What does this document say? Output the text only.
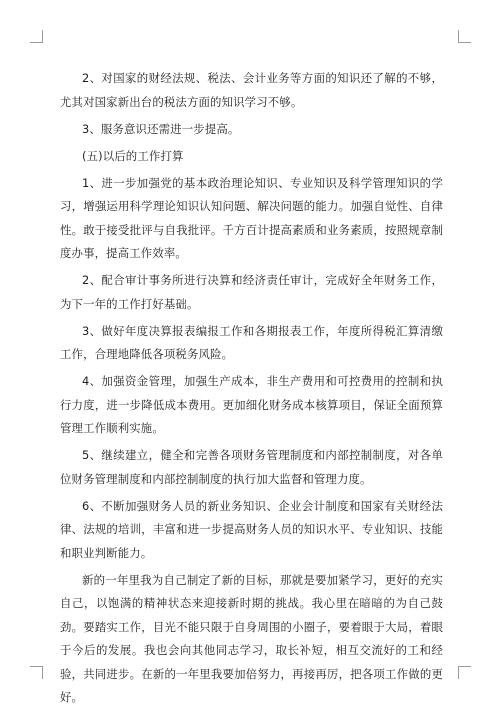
2、对国家的财经法规、税法、会计业务等方面的知识还了解的不够，尤其对国家新出台的税法方面的知识学习不够。

3、服务意识还需进一步提高。

(五)以后的工作打算

1、进一步加强党的基本政治理论知识、专业知识及科学管理知识的学习，增强运用科学理论知识认知问题、解决问题的能力。加强自觉性、自律性。敢于接受批评与自我批评。千方百计提高素质和业务素质，按照规章制度办事，提高工作效率。

2、配合审计事务所进行决算和经济责任审计，完成好全年财务工作，为下一年的工作打好基础。

3、做好年度决算报表编报工作和各期报表工作，年度所得税汇算清缴工作，合理地降低各项税务风险。

4、加强资金管理，加强生产成本，非生产费用和可控费用的控制和执行力度，进一步降低成本费用。更加细化财务成本核算项目，保证全面预算管理工作顺利实施。

5、继续建立，健全和完善各项财务管理制度和内部控制制度，对各单位财务管理制度和内部控制制度的执行加大监督和管理力度。

6、不断加强财务人员的新业务知识、企业会计制度和国家有关财经法律、法规的培训，丰富和进一步提高财务人员的知识水平、专业知识、技能和职业判断能力。

新的一年里我为自己制定了新的目标，那就是要加紧学习，更好的充实自己，以饱满的精神状态来迎接新时期的挑战。我心里在暗暗的为自己鼓劲。要踏实工作，目光不能只限于自身周围的小圈子，要着眼于大局，着眼于今后的发展。我也会向其他同志学习，取长补短，相互交流好的工和经验，共同进步。在新的一年里我要加倍努力，再接再厉，把各项工作做的更好。
